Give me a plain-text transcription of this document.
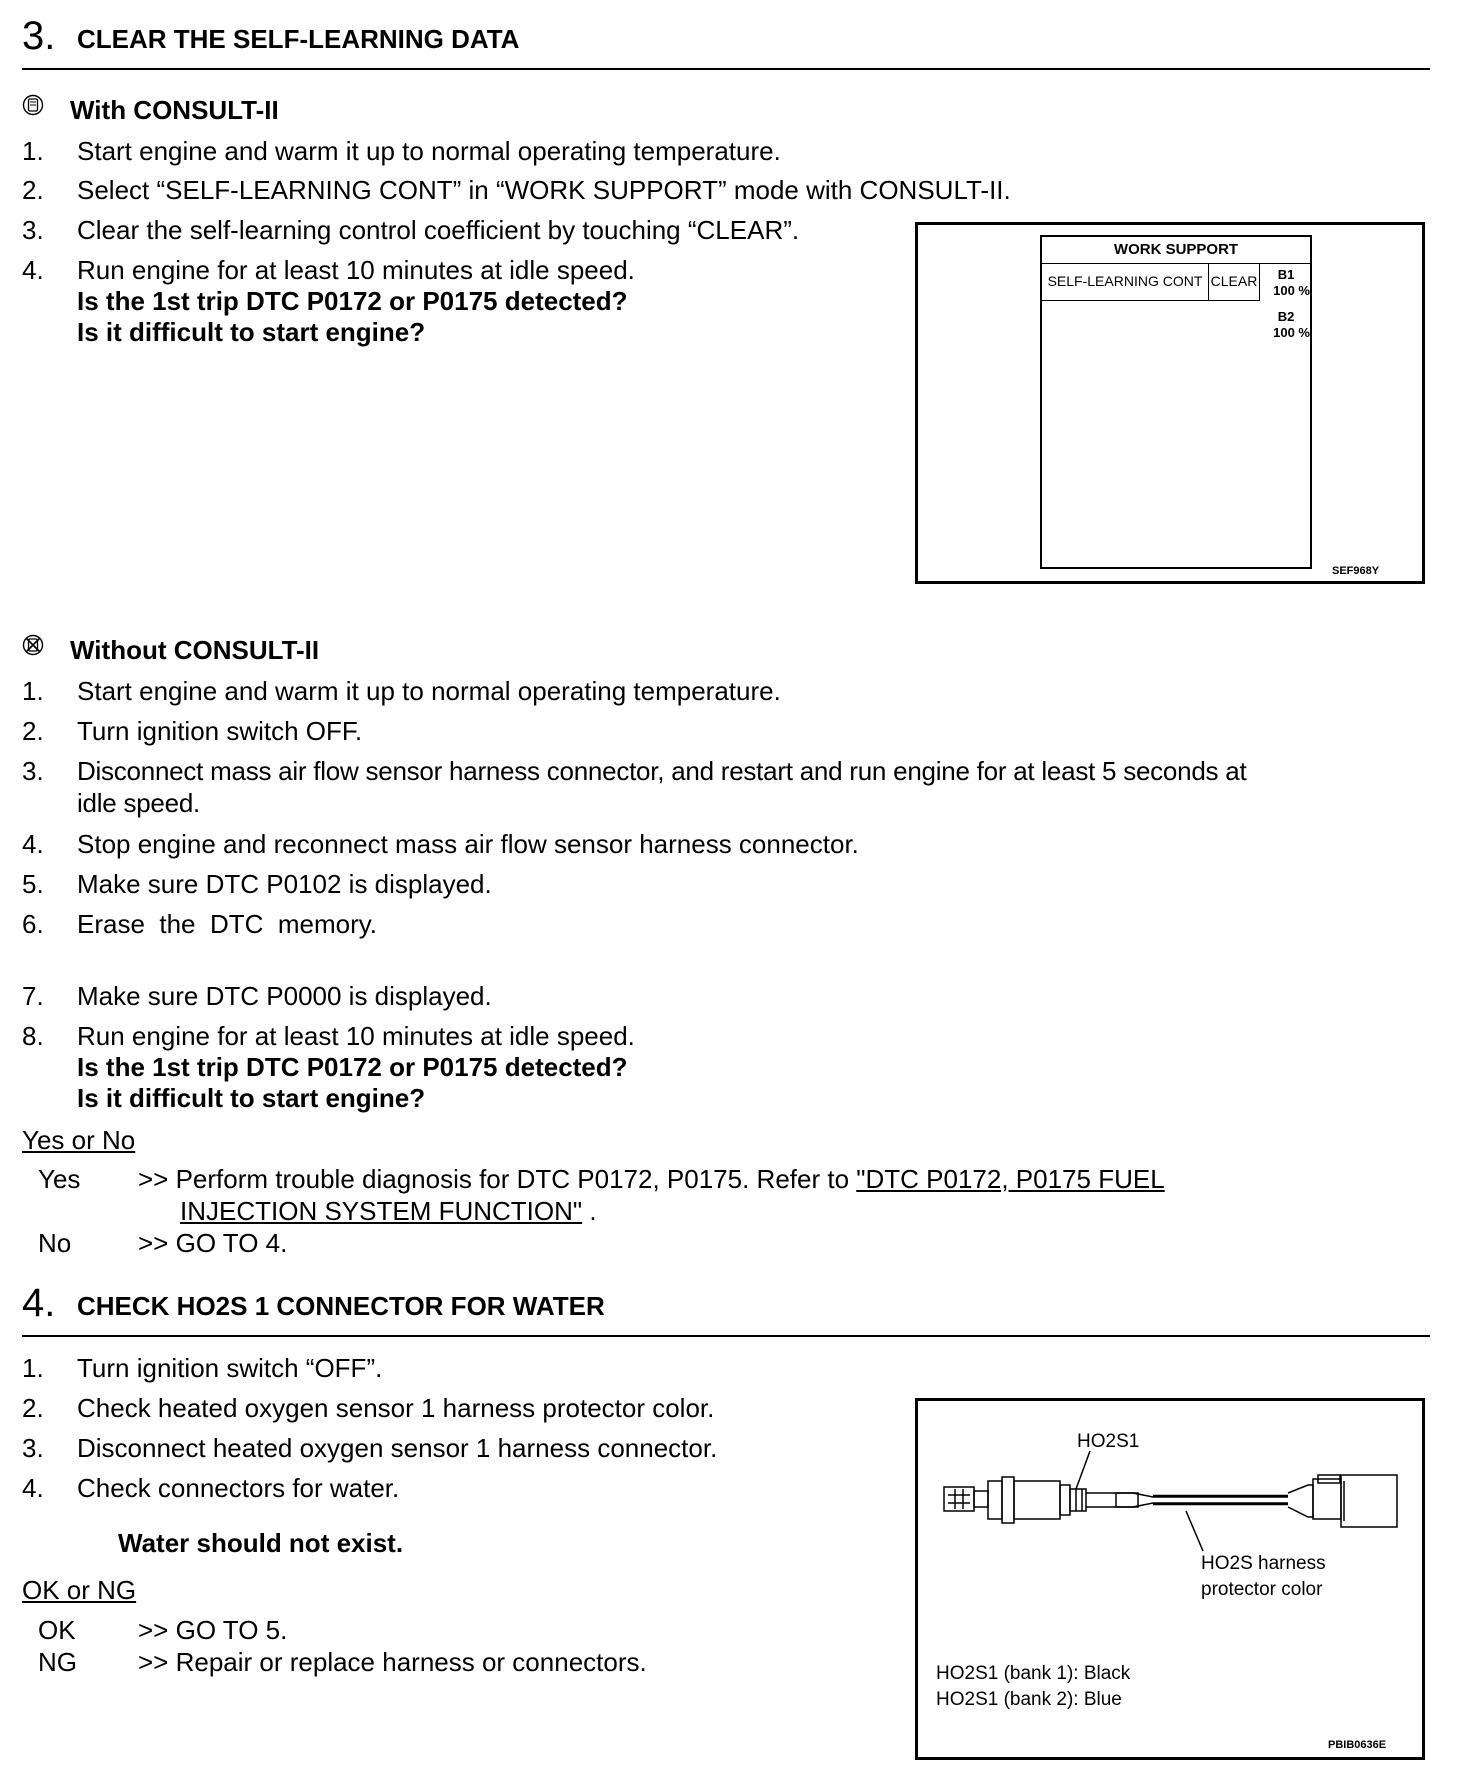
3. CLEAR THE SELF-LEARNING DATA
With CONSULT-II
1. Start engine and warm it up to normal operating temperature.
2. Select “SELF-LEARNING CONT” in “WORK SUPPORT” mode with CONSULT-II.
3. Clear the self-learning control coefficient by touching “CLEAR”.
4. Run engine for at least 10 minutes at idle speed.
Is the 1st trip DTC P0172 or P0175 detected?
Is it difficult to start engine?
WORK SUPPORT
SELF-LEARNING CONT CLEAR	B1
100 %
B2
100 %
SEF968Y
Without CONSULT-II
1. Start engine and warm it up to normal operating temperature.
2. Turn ignition switch OFF.
3. Disconnect mass air flow sensor harness connector, and restart and run engine for at least 5 seconds at
idle speed.
4. Stop engine and reconnect mass air flow sensor harness connector.
5. Make sure DTC P0102 is displayed.
6. Erase  the  DTC  memory.
7. Make sure DTC P0000 is displayed.
8. Run engine for at least 10 minutes at idle speed.
Is the 1st trip DTC P0172 or P0175 detected?
Is it difficult to start engine?
Yes or No
Yes >> Perform trouble diagnosis for DTC P0172, P0175. Refer to "DTC P0172, P0175 FUEL
INJECTION SYSTEM FUNCTION" .
No	>> GO TO 4.
4. CHECK HO2S 1 CONNECTOR FOR WATER
1. Turn ignition switch “OFF”.
2. Check heated oxygen sensor 1 harness protector color.
3. Disconnect heated oxygen sensor 1 harness connector.
4. Check connectors for water.
Water should not exist.
OK or NG
OK >> GO TO 5.
NG >> Repair or replace harness or connectors.
HO2S1
HO2S harness
protector color
HO2S1 (bank 1): Black
HO2S1 (bank 2): Blue
PBIB0636E
